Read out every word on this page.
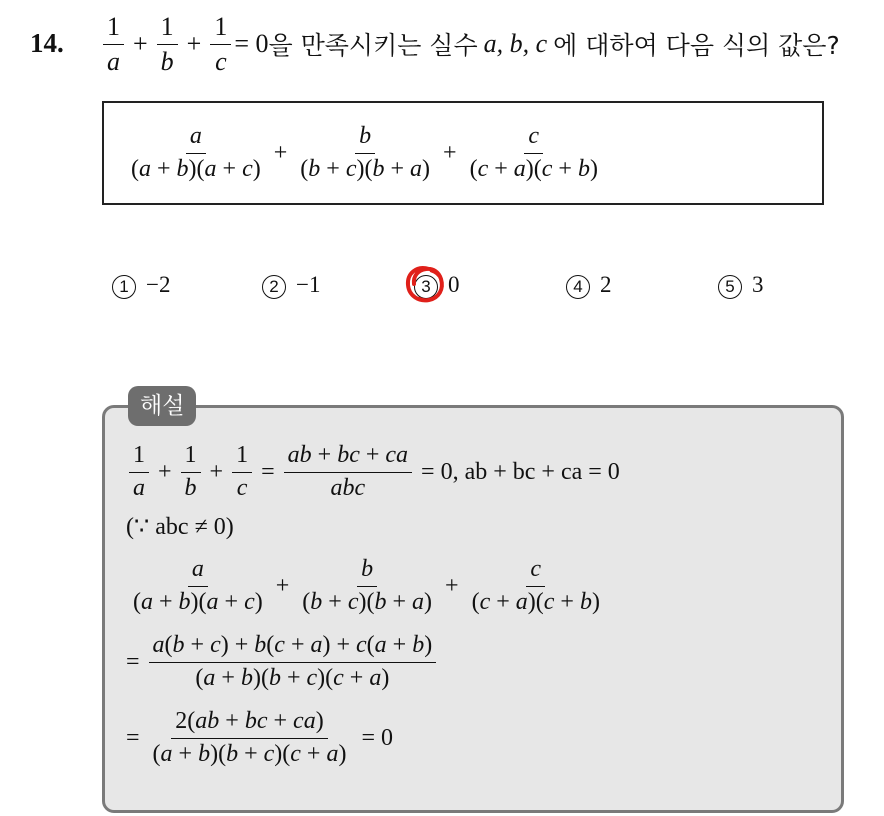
14. $\frac{1}{a} + \frac{1}{b} + \frac{1}{c} = 0$ 을 만족시키는 실수 a, b, c 에 대하여 다음 식의 값은?
$\frac{a}{(a + b)(a + c)} + \frac{b}{(b + c)(b + a)} + \frac{c}{(c + a)(c + b)}$
1 −2	2 −1	3 0	4 2	5 3
해설
$\frac{1}{a} + \frac{1}{b} + \frac{1}{c} = \frac{ab + bc + ca}{\text{abc}} = 0$, ab + bc + ca = 0
(∵ abc ≠ 0)
$\frac{a}{(a + b)(a + c)} + \frac{b}{(b + c)(b + a)} + \frac{c}{(c + a)(c + b)}$
= $\frac{a(b + c) + b(c + a) + c(a + b)}{(a + b)(b + c)(c + a)}$
= $\frac{2(ab + bc + ca)}{(a + b)(b + c)(c + a)} = 0$
